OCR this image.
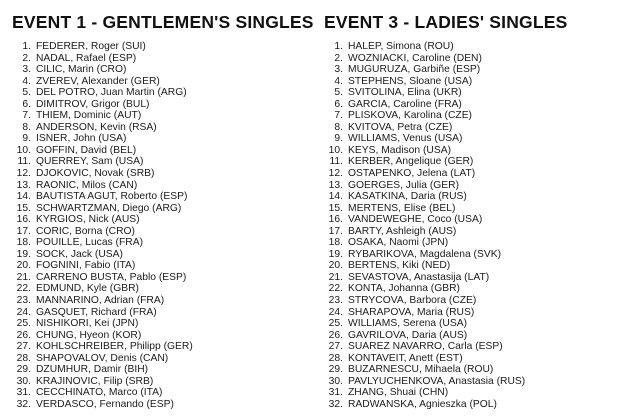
EVENT 1 - GENTLEMEN'S SINGLES
1. FEDERER, Roger (SUI)
2. NADAL, Rafael (ESP)
3. CILIC, Marin (CRO)
4. ZVEREV, Alexander (GER)
5. DEL POTRO, Juan Martin (ARG)
6. DIMITROV, Grigor (BUL)
7. THIEM, Dominic (AUT)
8. ANDERSON, Kevin (RSA)
9. ISNER, John (USA)
10. GOFFIN, David (BEL)
11. QUERREY, Sam (USA)
12. DJOKOVIC, Novak (SRB)
13. RAONIC, Milos (CAN)
14. BAUTISTA AGUT, Roberto (ESP)
15. SCHWARTZMAN, Diego (ARG)
16. KYRGIOS, Nick (AUS)
17. CORIC, Borna (CRO)
18. POUILLE, Lucas (FRA)
19. SOCK, Jack (USA)
20. FOGNINI, Fabio (ITA)
21. CARRENO BUSTA, Pablo (ESP)
22. EDMUND, Kyle (GBR)
23. MANNARINO, Adrian (FRA)
24. GASQUET, Richard (FRA)
25. NISHIKORI, Kei (JPN)
26. CHUNG, Hyeon (KOR)
27. KOHLSCHREIBER, Philipp (GER)
28. SHAPOVALOV, Denis (CAN)
29. DZUMHUR, Damir (BIH)
30. KRAJINOVIC, Filip (SRB)
31. CECCHINATO, Marco (ITA)
32. VERDASCO, Fernando (ESP)
EVENT 3 - LADIES' SINGLES
1. HALEP, Simona (ROU)
2. WOZNIACKI, Caroline (DEN)
3. MUGURUZA, Garbiñe (ESP)
4. STEPHENS, Sloane (USA)
5. SVITOLINA, Elina (UKR)
6. GARCIA, Caroline (FRA)
7. PLISKOVA, Karolina (CZE)
8. KVITOVA, Petra (CZE)
9. WILLIAMS, Venus (USA)
10. KEYS, Madison (USA)
11. KERBER, Angelique (GER)
12. OSTAPENKO, Jelena (LAT)
13. GOERGES, Julia (GER)
14. KASATKINA, Daria (RUS)
15. MERTENS, Elise (BEL)
16. VANDEWEGHE, Coco (USA)
17. BARTY, Ashleigh (AUS)
18. OSAKA, Naomi (JPN)
19. RYBARIKOVA, Magdalena (SVK)
20. BERTENS, Kiki (NED)
21. SEVASTOVA, Anastasija (LAT)
22. KONTA, Johanna (GBR)
23. STRYCOVA, Barbora (CZE)
24. SHARAPOVA, Maria (RUS)
25. WILLIAMS, Serena (USA)
26. GAVRILOVA, Daria (AUS)
27. SUAREZ NAVARRO, Carla (ESP)
28. KONTAVEIT, Anett (EST)
29. BUZARNESCU, Mihaela (ROU)
30. PAVLYUCHENKOVA, Anastasia (RUS)
31. ZHANG, Shuai (CHN)
32. RADWANSKA, Agnieszka (POL)
